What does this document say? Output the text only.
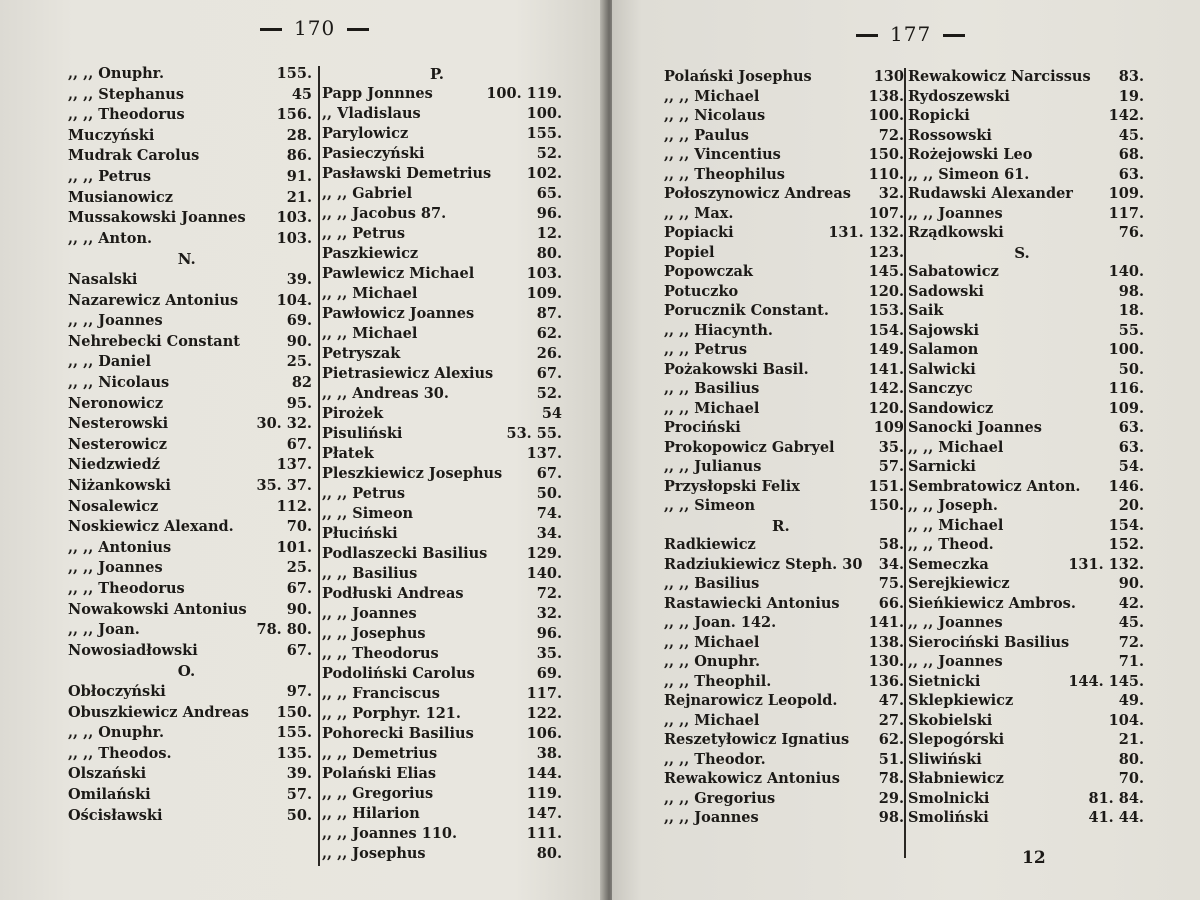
170
,, ,, Onuphr.	155.
,, ,, Stephanus	45
,, ,, Theodorus	156.
Muczyński	28.
Mudrak Carolus	86.
,, ,, Petrus	91.
Musianowicz	21.
Mussakowski Joannes 103.
,, ,, Anton.	103.
N.
Nasalski	39.
Nazarewicz Antonius	104.
,, ,, Joannes	69.
Nehrebecki Constant	90.
,, ,, Daniel	25.
,, ,, Nicolaus	82
Neronowicz	95.
Nesterowski	30. 32.
Nesterowicz	67.
Niedzwiedź	137.
Niżankowski	35. 37.
Nosalewicz	112.
Noskiewicz Alexand.	70.
,, ,, Antonius	101.
,, ,, Joannes	25.
,, ,, Theodorus	67.
Nowakowski Antonius	90.
,, ,, Joan.	78. 80.
Nowosiadłowski	67.
O.
Obłoczyński	97.
Obuszkiewicz Andreas 150.
,, ,, Onuphr.	155.
,, ,, Theodos.	135.
Olszański	39.
Omilański	57.
Ościsławski	50.
P.
Papp Jonnnes	100. 119.
,, Vladislaus	100.
Parylowicz	155.
Pasieczyński	52.
Pasławski Demetrius 102.
,, ,, Gabriel	65.
,, ,, Jacobus 87.	96.
,, ,, Petrus	12.
Paszkiewicz	80.
Pawlewicz Michael	103.
,, ,, Michael	109.
Pawłowicz Joannes	87.
,, ,, Michael	62.
Petryszak	26.
Pietrasiewicz Alexius	67.
,, ,, Andreas 30.	52.
Pirożek	54
Pisuliński	53. 55.
Płatek	137.
Pleszkiewicz Josephus 67.
,, ,, Petrus	50.
,, ,, Simeon	74.
Płuciński	34.
Podlaszecki Basilius	129.
,, ,, Basilius	140.
Podłuski Andreas	72.
,, ,, Joannes	32.
,, ,, Josephus	96.
,, ,, Theodorus	35.
Podoliński Carolus	69.
,, ,, Franciscus	117.
,, ,, Porphyr. 121.	122.
Pohorecki Basilius	106.
,, ,, Demetrius	38.
Polański Elias	144.
,, ,, Gregorius	119.
,, ,, Hilarion	147.
,, ,, Joannes 110.	111.
,, ,, Josephus	80.
177
Polański Josephus	130
,, ,, Michael	138.
,, ,, Nicolaus	100.
,, ,, Paulus	72.
,, ,, Vincentius	150.
,, ,, Theophilus	110.
Połoszynowicz Andreas 32.
,, ,, Max.	107.
Popiacki	131. 132.
Popiel	123.
Popowczak	145.
Potuczko	120.
Porucznik Constant.	153.
,, ,, Hiacynth.	154.
,, ,, Petrus	149.
Pożakowski Basil.	141.
,, ,, Basilius	142.
,, ,, Michael	120.
Prociński	109
Prokopowicz Gabryel	35.
,, ,, Julianus	57.
Przysłopski Felix	151.
,, ,, Simeon	150.
R.
Radkiewicz	58.
Radziukiewicz Steph. 30 34.
,, ,, Basilius	75.
Rastawiecki Antonius	66.
,, ,, Joan. 142.	141.
,, ,, Michael	138.
,, ,, Onuphr.	130.
,, ,, Theophil.	136.
Rejnarowicz Leopold.	47.
,, ,, Michael	27.
Reszetyłowicz Ignatius 62.
,, ,, Theodor.	51.
Rewakowicz Antonius	78.
,, ,, Gregorius	29.
,, ,, Joannes	98.
Rewakowicz Narcissus 83.
Rydoszewski	19.
Ropicki	142.
Rossowski	45.
Rożejowski Leo	68.
,, ,, Simeon 61.	63.
Rudawski Alexander 109.
,, ,, Joannes	117.
Rządkowski	76.
S.
Sabatowicz	140.
Sadowski	98.
Saik	18.
Sajowski	55.
Salamon	100.
Salwicki	50.
Sanczyc	116.
Sandowicz	109.
Sanocki Joannes	63.
,, ,, Michael	63.
Sarnicki	54.
Sembratowicz Anton. 146.
,, ,, Joseph.	20.
,, ,, Michael	154.
,, ,, Theod.	152.
Semeczka	131. 132.
Serejkiewicz	90.
Sieńkiewicz Ambros.	42.
,, ,, Joannes	45.
Sierociński Basilius	72.
,, ,, Joannes	71.
Sietnicki	144. 145.
Sklepkiewicz	49.
Skobielski	104.
Slepogórski	21.
Sliwiński	80.
Słabniewicz	70.
Smolnicki	81. 84.
Smoliński	41. 44.
12
